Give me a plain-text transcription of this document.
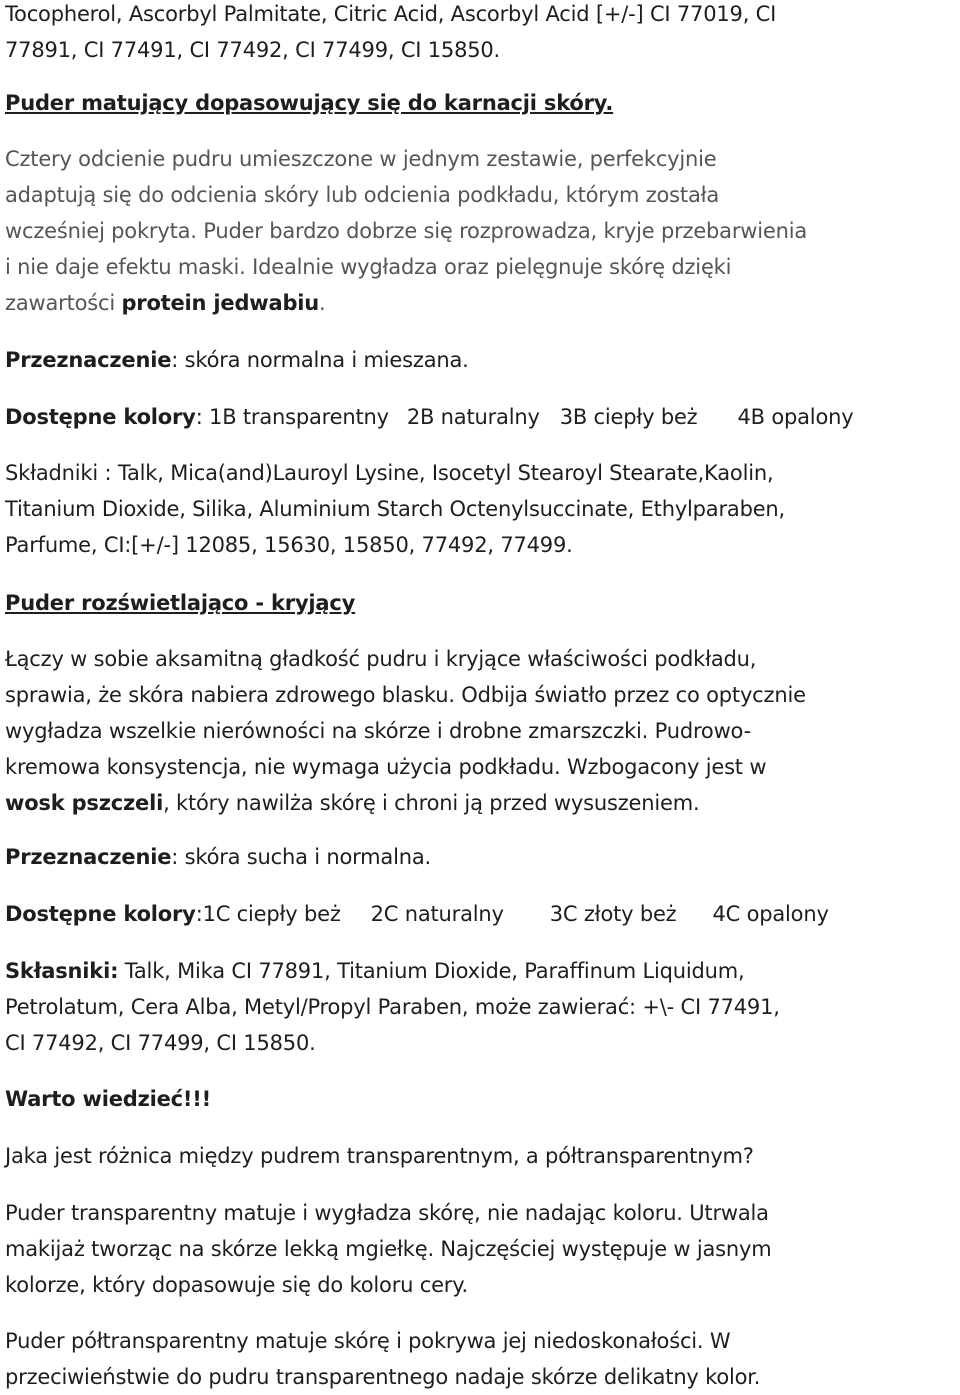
Tocopherol, Ascorbyl Palmitate, Citric Acid, Ascorbyl Acid [+/-] CI 77019, CI
77891, CI 77491, CI 77492, CI 77499, CI 15850.

Puder matujący dopasowujący się do karnacji skóry.

Cztery odcienie pudru umieszczone w jednym zestawie, perfekcyjnie
adaptują się do odcienia skóry lub odcienia podkładu, którym została
wcześniej pokryta. Puder bardzo dobrze się rozprowadza, kryje przebarwienia
i nie daje efektu maski. Idealnie wygładza oraz pielęgnuje skórę dzięki
zawartości protein jedwabiu.

Przeznaczenie: skóra normalna i mieszana.

Dostępne kolory: 1B transparentny 2B naturalny 3B ciepły beż 4B opalony

Składniki : Talk, Mica(and)Lauroyl Lysine, Isocetyl Stearoyl Stearate,Kaolin,
Titanium Dioxide, Silika, Aluminium Starch Octenylsuccinate, Ethylparaben,
Parfume, CI:[+/-] 12085, 15630, 15850, 77492, 77499.

Puder rozświetlająco - kryjący

Łączy w sobie aksamitną gładkość pudru i kryjące właściwości podkładu,
sprawia, że skóra nabiera zdrowego blasku. Odbija światło przez co optycznie
wygładza wszelkie nierówności na skórze i drobne zmarszczki. Pudrowo-
kremowa konsystencja, nie wymaga użycia podkładu. Wzbogacony jest w
wosk pszczeli, który nawilża skórę i chroni ją przed wysuszeniem.

Przeznaczenie: skóra sucha i normalna.

Dostępne kolory:1C ciepły beż 2C naturalny 3C złoty beż 4C opalony

Skłasniki: Talk, Mika CI 77891, Titanium Dioxide, Paraffinum Liquidum,
Petrolatum, Cera Alba, Metyl/Propyl Paraben, może zawierać: +\- CI 77491,
CI 77492, CI 77499, CI 15850.

Warto wiedzieć!!!

Jaka jest różnica między pudrem transparentnym, a półtransparentnym?

Puder transparentny matuje i wygładza skórę, nie nadając koloru. Utrwala
makijaż tworząc na skórze lekką mgiełkę. Najczęściej występuje w jasnym
kolorze, który dopasowuje się do koloru cery.

Puder półtransparentny matuje skórę i pokrywa jej niedoskonałości. W
przeciwieństwie do pudru transparentnego nadaje skórze delikatny kolor.
